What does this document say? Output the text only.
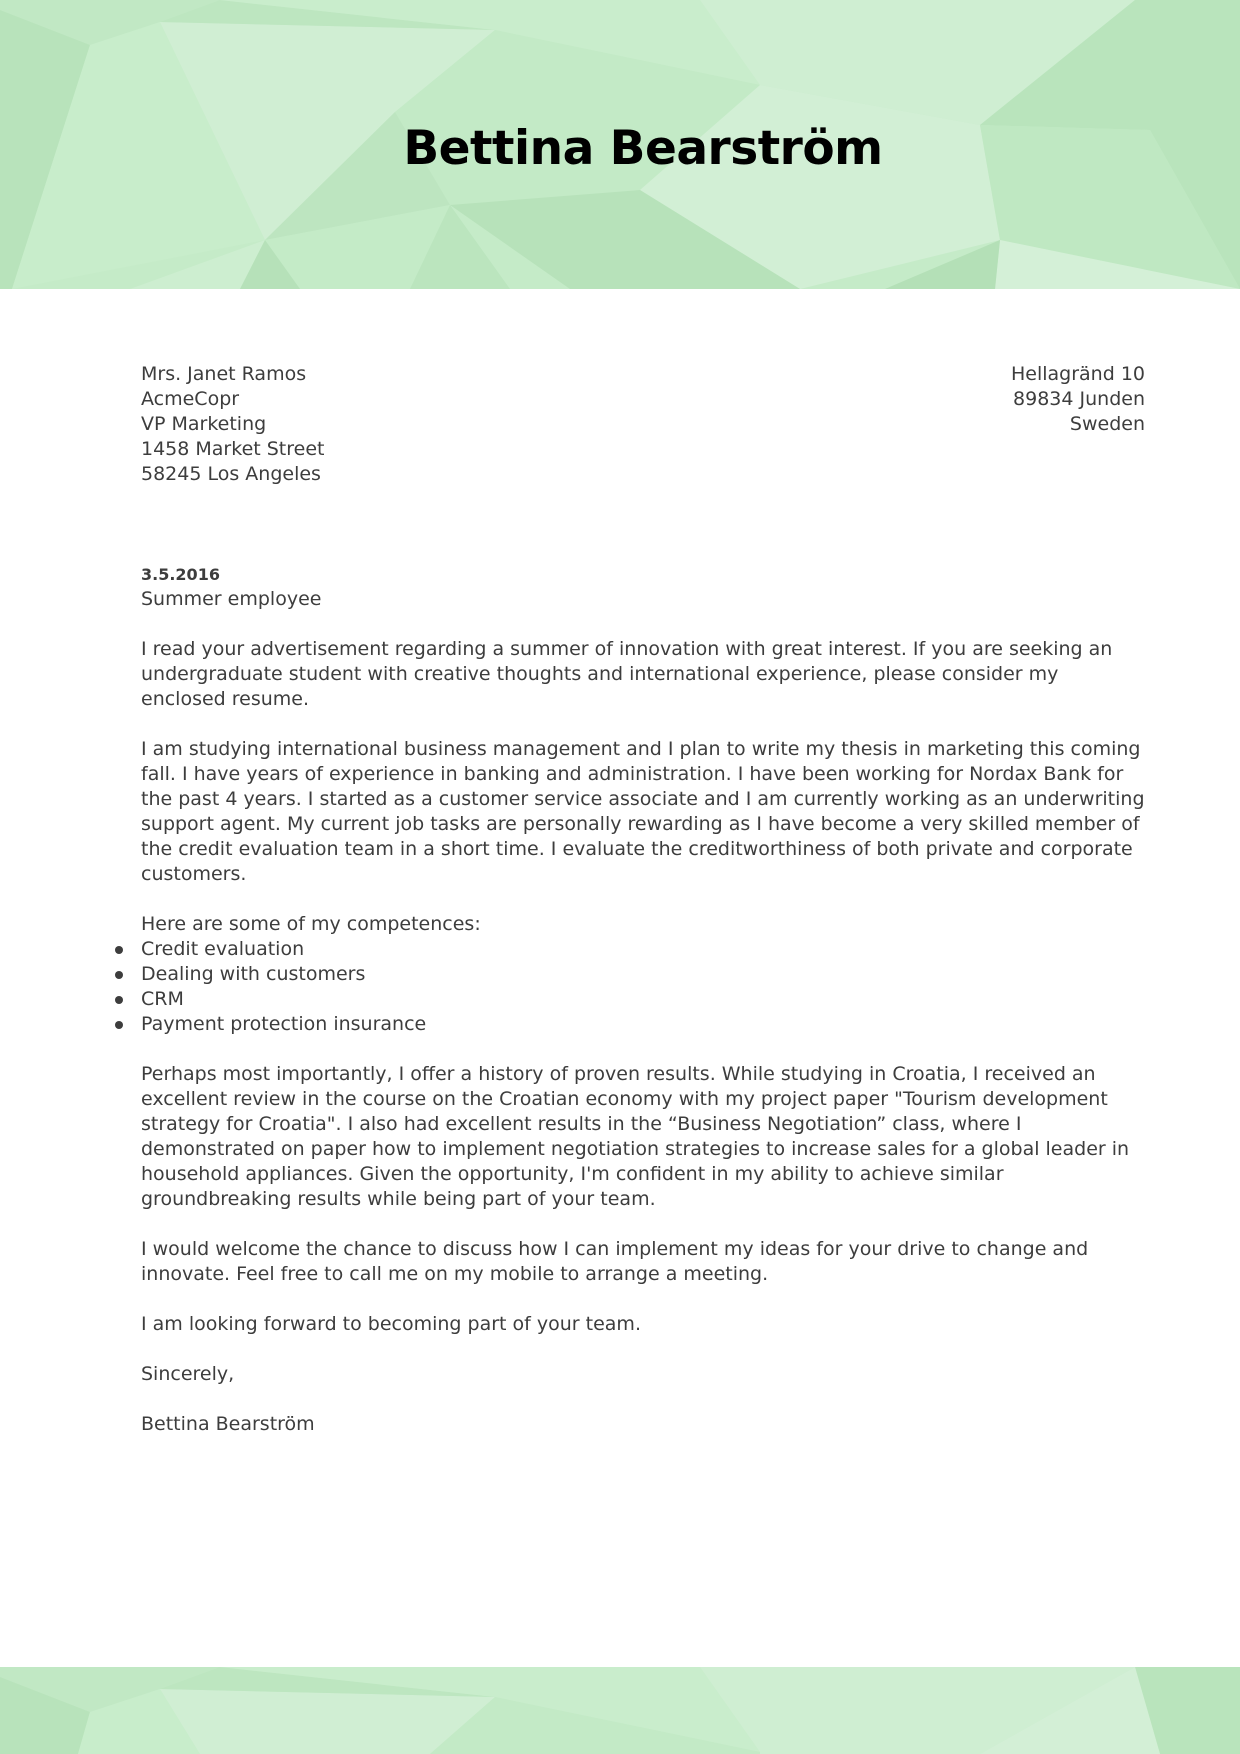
Bettina Bearström
Mrs. Janet Ramos
AcmeCopr
VP Marketing
1458 Market Street
58245 Los Angeles
Hellagränd 10
89834 Junden
Sweden
3.5.2016
Summer employee

I read your advertisement regarding a summer of innovation with great interest. If you are seeking an undergraduate student with creative thoughts and international experience, please consider my enclosed resume.

I am studying international business management and I plan to write my thesis in marketing this coming fall. I have years of experience in banking and administration. I have been working for Nordax Bank for the past 4 years. I started as a customer service associate and I am currently working as an underwriting support agent. My current job tasks are personally rewarding as I have become a very skilled member of the credit evaluation team in a short time. I evaluate the creditworthiness of both private and corporate customers.

Here are some of my competences:

Credit evaluation
Dealing with customers
CRM
Payment protection insurance

Perhaps most importantly, I offer a history of proven results. While studying in Croatia, I received an excellent review in the course on the Croatian economy with my project paper "Tourism development strategy for Croatia". I also had excellent results in the “Business Negotiation” class, where I demonstrated on paper how to implement negotiation strategies to increase sales for a global leader in household appliances. Given the opportunity, I'm confident in my ability to achieve similar groundbreaking results while being part of your team.

I would welcome the chance to discuss how I can implement my ideas for your drive to change and innovate. Feel free to call me on my mobile to arrange a meeting.

I am looking forward to becoming part of your team.

Sincerely,

Bettina Bearström
